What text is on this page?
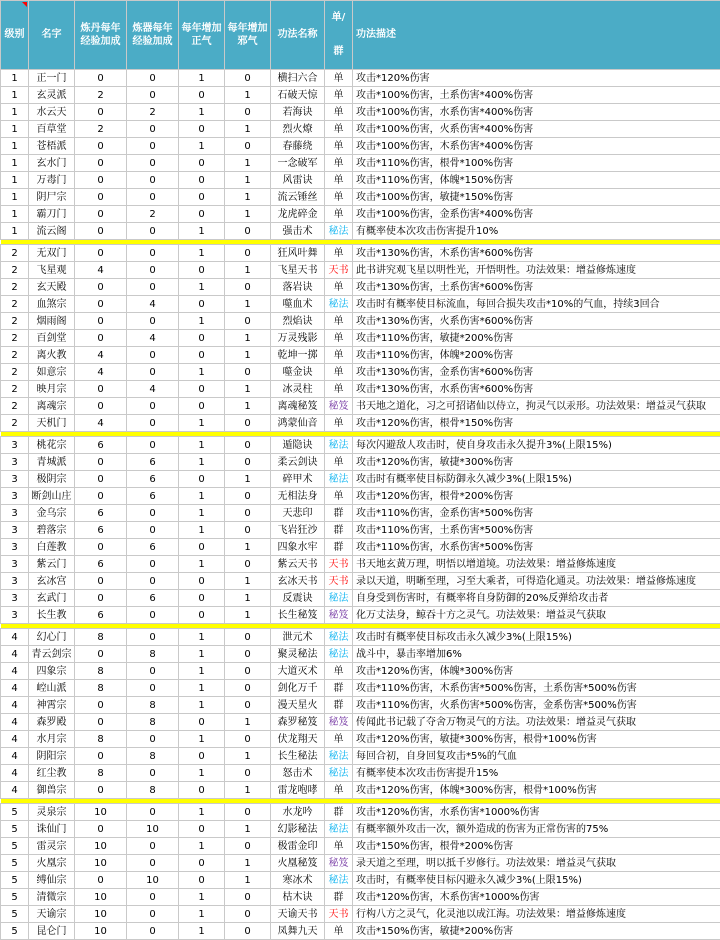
级别	名字	炼丹每年经验加成	炼器每年经验加成	每年增加正气	每年增加邪气	功法名称	单/群	功法描述
1	正一门	0	0	1	0	横扫六合	单	攻击*120%伤害
1	玄灵派	2	0	0	1	石破天惊	单	攻击*100%伤害，土系伤害*400%伤害
1	水云天	0	2	1	0	若海诀	单	攻击*100%伤害，水系伤害*400%伤害
1	百草堂	2	0	0	1	烈火燎	单	攻击*100%伤害，火系伤害*400%伤害
1	苍梧派	0	0	1	0	春藤绕	单	攻击*100%伤害，木系伤害*400%伤害
1	玄水门	0	0	0	1	一念破军	单	攻击*110%伤害，根骨*100%伤害
1	万毒门	0	0	0	1	风雷诀	单	攻击*110%伤害，体魄*150%伤害
1	阴尸宗	0	0	0	1	流云锤丝	单	攻击*100%伤害，敏捷*150%伤害
1	霸刀门	0	2	0	1	龙虎碎金	单	攻击*100%伤害，金系伤害*400%伤害
1	流云阁	0	0	1	0	强击术	秘法	有概率使本次攻击伤害提升10%

2	无双门	0	0	1	0	狂风叶舞	单	攻击*130%伤害，木系伤害*600%伤害
2	飞星观	4	0	0	1	飞星天书	天书	此书讲究观飞星以明性光，开悟明性。功法效果：增益修炼速度
2	玄天殿	0	0	1	0	落岩诀	单	攻击*130%伤害，土系伤害*600%伤害
2	血煞宗	0	4	0	1	噬血术	秘法	攻击时有概率使目标流血，每回合损失攻击*10%的气血，持续3回合
2	烟雨阁	0	0	1	0	烈焰诀	单	攻击*130%伤害，火系伤害*600%伤害
2	百剑堂	0	4	0	1	万灵残影	单	攻击*110%伤害，敏捷*200%伤害
2	离火教	4	0	0	1	乾坤一掷	单	攻击*110%伤害，体魄*200%伤害
2	如意宗	4	0	1	0	噬金诀	单	攻击*130%伤害，金系伤害*600%伤害
2	映月宗	0	4	0	1	冰灵柱	单	攻击*130%伤害，水系伤害*600%伤害
2	离魂宗	0	0	0	1	离魂秘笈	秘笈	书天地之道化，习之可招诸仙以侍立，拘灵气以汞形。功法效果：增益灵气获取
2	天机门	4	0	1	0	鸿蒙仙音	单	攻击*120%伤害，根骨*150%伤害

3	桃花宗	6	0	1	0	遁隐诀	秘法	每次闪避敌人攻击时，使自身攻击永久提升3%(上限15%)
3	青城派	0	6	1	0	柔云剑诀	单	攻击*120%伤害，敏捷*300%伤害
3	极阴宗	0	6	0	1	碎甲术	秘法	攻击时有概率使目标防御永久减少3%(上限15%)
3	断剑山庄	0	6	1	0	无相法身	单	攻击*120%伤害，根骨*200%伤害
3	金乌宗	6	0	1	0	天悲印	群	攻击*110%伤害，金系伤害*500%伤害
3	碧落宗	6	0	1	0	飞岩狂沙	群	攻击*110%伤害，土系伤害*500%伤害
3	白莲教	0	6	0	1	四象水牢	群	攻击*110%伤害，水系伤害*500%伤害
3	紫云门	6	0	1	0	紫云天书	天书	书天地玄黄万理，明悟以增道境。功法效果：增益修炼速度
3	玄冰宫	0	0	0	1	玄冰天书	天书	录以天道，明晰至理，习至大乘者，可得造化通灵。功法效果：增益修炼速度
3	玄武门	0	6	0	1	反震诀	秘法	自身受到伤害时，有概率将自身防御的20%反弹给攻击者
3	长生教	6	0	0	1	长生秘笈	秘笈	化万丈法身，鲸吞十方之灵气。功法效果：增益灵气获取

4	幻心门	8	0	1	0	泄元术	秘法	攻击时有概率使目标攻击永久减少3%(上限15%)
4	青云剑宗	0	8	1	0	聚灵秘法	秘法	战斗中，暴击率增加6%
4	四象宗	8	0	1	0	大道灭术	单	攻击*120%伤害，体魄*300%伤害
4	崆山派	8	0	1	0	剑化万千	群	攻击*110%伤害，木系伤害*500%伤害，土系伤害*500%伤害
4	神霄宗	0	8	1	0	漫天星火	群	攻击*110%伤害，火系伤害*500%伤害，金系伤害*500%伤害
4	森罗殿	0	8	0	1	森罗秘笈	秘笈	传闻此书记载了夺舍万物灵气的方法。功法效果：增益灵气获取
4	水月宗	8	0	1	0	伏龙翔天	单	攻击*120%伤害，敏捷*300%伤害，根骨*100%伤害
4	阴阳宗	0	8	0	1	长生秘法	秘法	每回合初，自身回复攻击*5%的气血
4	红尘教	8	0	1	0	怒击术	秘法	有概率使本次攻击伤害提升15%
4	御兽宗	0	8	0	1	雷龙咆哮	单	攻击*120%伤害，体魄*300%伤害，根骨*100%伤害

5	灵泉宗	10	0	1	0	水龙吟	群	攻击*120%伤害，水系伤害*1000%伤害
5	诛仙门	0	10	0	1	幻影秘法	秘法	有概率额外攻击一次，额外造成的伤害为正常伤害的75%
5	雷灵宗	10	0	1	0	极雷金印	单	攻击*150%伤害，根骨*200%伤害
5	火凰宗	10	0	0	1	火凰秘笈	秘笈	录天道之至理，明以抵千岁修行。功法效果：增益灵气获取
5	缚仙宗	0	10	0	1	寒冰术	秘法	攻击时，有概率使目标闪避永久减少3%(上限15%)
5	清微宗	10	0	1	0	枯木诀	群	攻击*120%伤害，木系伤害*1000%伤害
5	天谕宗	10	0	1	0	天谕天书	天书	行构八方之灵气，化灵池以成江海。功法效果：增益修炼速度
5	昆仑门	10	0	1	0	凤舞九天	单	攻击*150%伤害，敏捷*200%伤害
